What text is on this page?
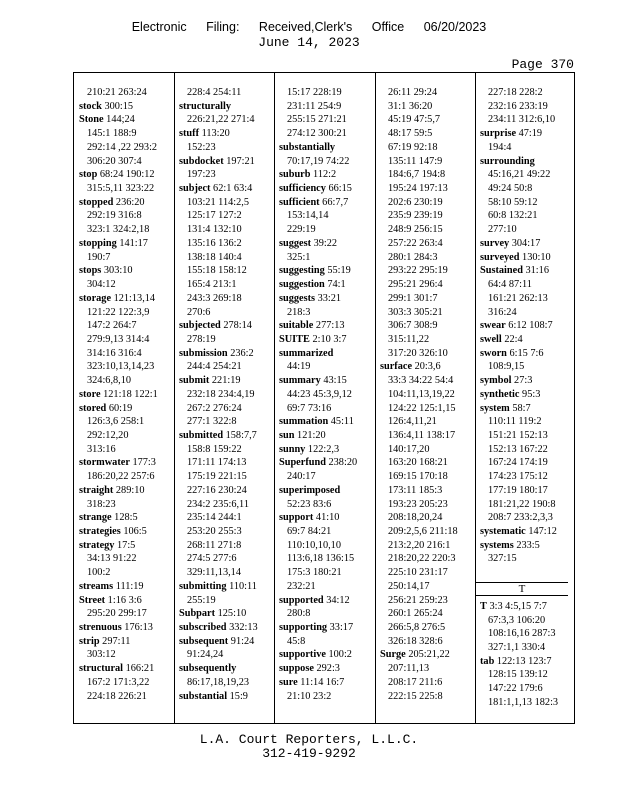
Electronic Filing: Received,Clerk's Office 06/20/2023
June 14, 2023
Page 370
210:21 263:24
stock 300:15
Stone 144;24
145:1 188:9
292:14 ,22 293:2
306:20 307:4
stop 68:24 190:12
315:5,11 323:22
stopped 236:20
292:19 316:8
323:1 324:2,18
stopping 141:17
190:7
stops 303:10
304:12
storage 121:13,14
121:22 122:3,9
147:2 264:7
279:9,13 314:4
314:16 316:4
323:10,13,14,23
324:6,8,10
store 121:18 122:1
stored 60:19
126:3,6 258:1
292:12,20
313:16
stormwater 177:3
186:20,22 257:6
straight 289:10
318:23
strange 128:5
strategies 106:5
strategy 17:5
34:13 91:22
100:2
streams 111:19
Street 1:16 3:6
295:20 299:17
strenuous 176:13
strip 297:11
303:12
structural 166:21
167:2 171:3,22
224:18 226:21
228:4 254:11
structurally
226:21,22 271:4
stuff 113:20
152:23
subdocket 197:21
197:23
subject 62:1 63:4
103:21 114:2,5
125:17 127:2
131:4 132:10
135:16 136:2
138:18 140:4
155:18 158:12
165:4 213:1
243:3 269:18
270:6
subjected 278:14
278:19
submission 236:2
244:4 254:21
submit 221:19
232:18 234:4,19
267:2 276:24
277:1 322:8
submitted 158:7,7
158:8 159:22
171:11 174:13
175:19 221:15
227:16 230:24
234:2 235:6,11
235:14 244:1
253:20 255:3
268:11 271:8
274:5 277:6
329:11,13,14
submitting 110:11
255:19
Subpart 125:10
subscribed 332:13
subsequent 91:24
91:24,24
subsequently
86:17,18,19,23
substantial 15:9
15:17 228:19
231:11 254:9
255:15 271:21
274:12 300:21
substantially
70:17,19 74:22
suburb 112:2
sufficiency 66:15
sufficient 66:7,7
153:14,14
229:19
suggest 39:22
325:1
suggesting 55:19
suggestion 74:1
suggests 33:21
218:3
suitable 277:13
SUITE 2:10 3:7
summarized
44:19
summary 43:15
44:23 45:3,9,12
69:7 73:16
summation 45:11
sun 121:20
sunny 122:2,3
Superfund 238:20
240:17
superimposed
52:23 83:6
support 41:10
69:7 84:21
110:10,10,10
113:6,18 136:15
175:3 180:21
232:21
supported 34:12
280:8
supporting 33:17
45:8
supportive 100:2
suppose 292:3
sure 11:14 16:7
21:10 23:2
26:11 29:24
31:1 36:20
45:19 47:5,7
48:17 59:5
67:19 92:18
135:11 147:9
184:6,7 194:8
195:24 197:13
202:6 230:19
235:9 239:19
248:9 256:15
257:22 263:4
280:1 284:3
293:22 295:19
295:21 296:4
299:1 301:7
303:3 305:21
306:7 308:9
315:11,22
317:20 326:10
surface 20:3,6
33:3 34:22 54:4
104:11,13,19,22
124:22 125:1,15
126:4,11,21
136:4,11 138:17
140:17,20
163:20 168:21
169:15 170:18
173:11 185:3
193:23 205:23
208:18,20,24
209:2,5,6 211:18
213:2,20 216:1
218:20,22 220:3
225:10 231:17
250:14,17
256:21 259:23
260:1 265:24
266:5,8 276:5
326:18 328:6
Surge 205:21,22
207:11,13
208:17 211:6
222:15 225:8
227:18 228:2
232:16 233:19
234:11 312:6,10
surprise 47:19
194:4
surrounding
45:16,21 49:22
49:24 50:8
58:10 59:12
60:8 132:21
277:10
survey 304:17
surveyed 130:10
Sustained 31:16
64:4 87:11
161:21 262:13
316:24
swear 6:12 108:7
swell 22:4
sworn 6:15 7:6
108:9,15
symbol 27:3
synthetic 95:3
system 58:7
110:11 119:2
151:21 152:13
152:13 167:22
167:24 174:19
174:23 175:12
177:19 180:17
181:21,22 190:8
208:7 233:2,3,3
systematic 147:12
systems 233:5
327:15
T
T 3:3 4:5,15 7:7
67:3,3 106:20
108:16,16 287:3
327:1,1 330:4
tab 122:13 123:7
128:15 139:12
147:22 179:6
181:1,1,13 182:3
L.A. Court Reporters, L.L.C.
312-419-9292
